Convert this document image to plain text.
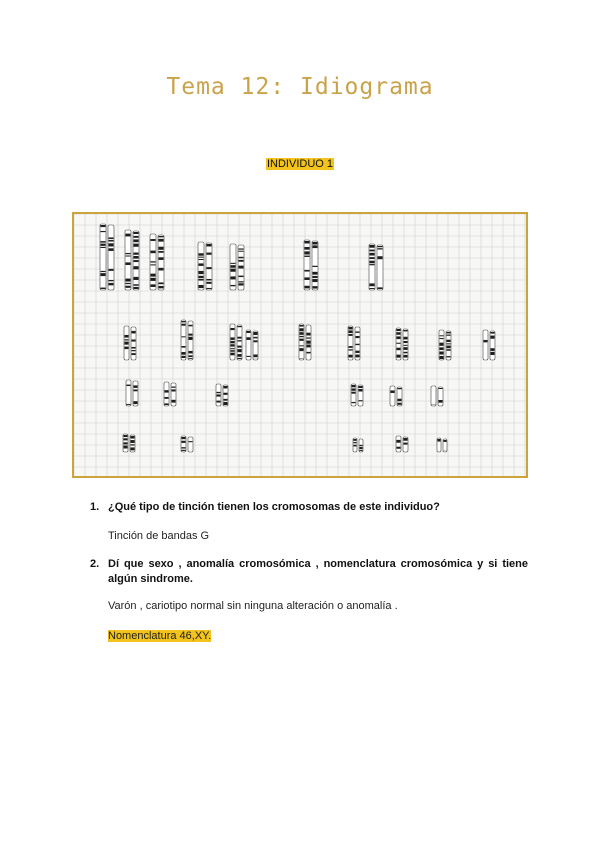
Tema 12: Idiograma
INDIVIDUO 1
1. ¿Qué tipo de tinción tienen los cromosomas de este individuo?
Tinción de bandas G
2. Dí que sexo , anomalía cromosómica , nomenclatura cromosómica y si tiene algún sindrome.
Varón , cariotipo normal sin ninguna alteración o anomalía .
Nomenclatura 46,XY.
